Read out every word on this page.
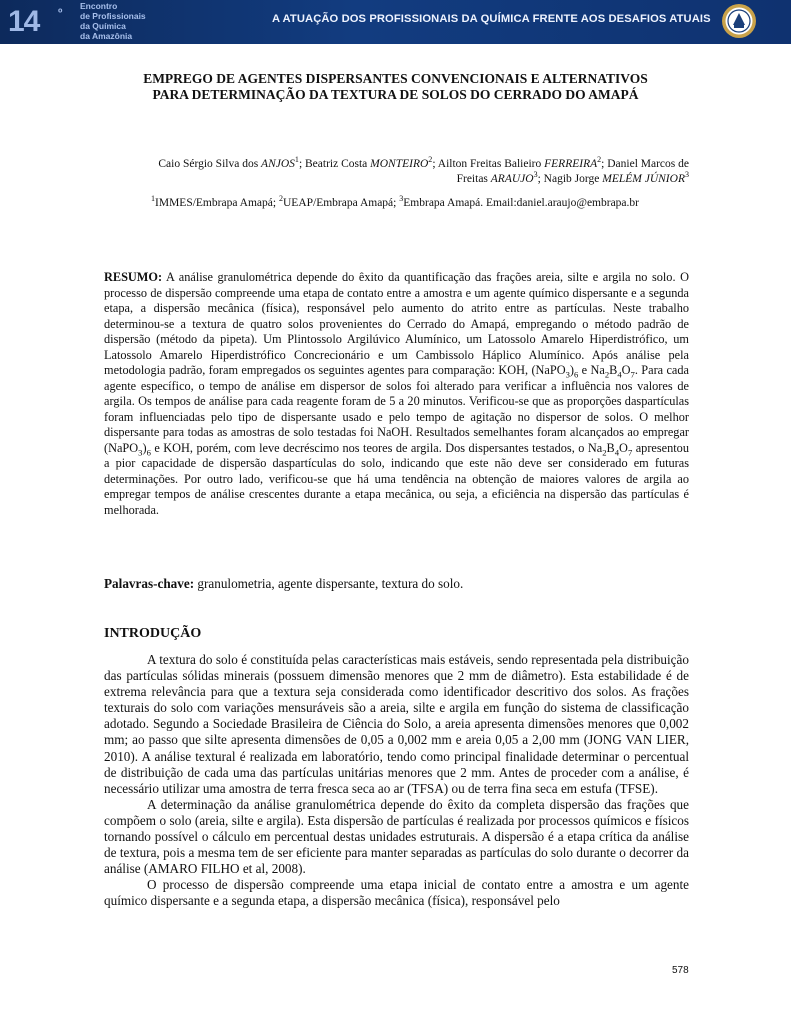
14 º Encontro
de Profissionais
da Química
da Amazônia
A ATUAÇÃO DOS PROFISSIONAIS DA QUÍMICA FRENTE AOS DESAFIOS ATUAIS
EMPREGO DE AGENTES DISPERSANTES CONVENCIONAIS E ALTERNATIVOS
PARA DETERMINAÇÃO DA TEXTURA DE SOLOS DO CERRADO DO AMAPÁ
Caio Sérgio Silva dos ANJOS$^1$; Beatriz Costa MONTEIRO$^2$; Ailton Freitas Balieiro FERREIRA$^2$; Daniel Marcos de
Freitas ARAUJO$^3$; Nagib Jorge MELÉM JÚNIOR$^3$
$^1$IMMES/Embrapa Amapá; $^2$UEAP/Embrapa Amapá; $^3$Embrapa Amapá. Email:daniel.araujo@embrapa.br

RESUMO: A análise granulométrica depende do êxito da quantificação das frações areia, silte e argila no solo. O processo de dispersão compreende uma etapa de contato entre a amostra e um agente químico dispersante e a segunda etapa, a dispersão mecânica (física), responsável pelo aumento do atrito entre as partículas. Neste trabalho determinou-se a textura de quatro solos provenientes do Cerrado do Amapá, empregando o método padrão de dispersão (método da pipeta). Um Plintossolo Argilúvico Alumínico, um Latossolo Amarelo Hiperdistrófico, um Latossolo Amarelo Hiperdistrófico Concrecionário e um Cambissolo Háplico Alumínico. Após análise pela metodologia padrão, foram empregados os seguintes agentes para comparação: KOH, $(NaPO_3)_6$ e $Na_2B_4O_7$. Para cada agente específico, o tempo de análise em dispersor de solos foi alterado para verificar a influência nos valores de argila. Os tempos de análise para cada reagente foram de 5 a 20 minutos. Verificou-se que as proporções daspartículas foram influenciadas pelo tipo de dispersante usado e pelo tempo de agitação no dispersor de solos. O melhor dispersante para todas as amostras de solo testadas foi NaOH. Resultados semelhantes foram alcançados ao empregar $(NaPO_3)_6$ e KOH, porém, com leve decréscimo nos teores de argila. Dos dispersantes testados, o $Na_2B_4O_7$ apresentou a pior capacidade de dispersão daspartículas do solo, indicando que este não deve ser considerado em futuras determinações. Por outro lado, verificou-se que há uma tendência na obtenção de maiores valores de argila ao empregar tempos de análise crescentes durante a etapa mecânica, ou seja, a eficiência na dispersão das partículas é melhorada.

Palavras-chave: granulometria, agente dispersante, textura do solo.
INTRODUÇÃO

A textura do solo é constituída pelas características mais estáveis, sendo representada pela distribuição das partículas sólidas minerais (possuem dimensão menores que 2 mm de diâmetro). Esta estabilidade é de extrema relevância para que a textura seja considerada como identificador descritivo dos solos. As frações texturais do solo com variações mensuráveis são a areia, silte e argila em função do sistema de classificação adotado. Segundo a Sociedade Brasileira de Ciência do Solo, a areia apresenta dimensões menores que 0,002 mm; ao passo que silte apresenta dimensões de 0,05 a 0,002 mm e areia 0,05 a 2,00 mm (JONG VAN LIER, 2010). A análise textural é realizada em laboratório, tendo como principal finalidade determinar o percentual de distribuição de cada uma das partículas unitárias menores que 2 mm. Antes de proceder com a análise, é necessário utilizar uma amostra de terra fresca seca ao ar (TFSA) ou de terra fina seca em estufa (TFSE).

A determinação da análise granulométrica depende do êxito da completa dispersão das frações que compõem o solo (areia, silte e argila). Esta dispersão de partículas é realizada por processos químicos e físicos tornando possível o cálculo em percentual destas unidades estruturais. A dispersão é a etapa crítica da análise de textura, pois a mesma tem de ser eficiente para manter separadas as partículas do solo durante o decorrer da análise (AMARO FILHO et al, 2008).

O processo de dispersão compreende uma etapa inicial de contato entre a amostra e um agente químico dispersante e a segunda etapa, a dispersão mecânica (física), responsável pelo

578
